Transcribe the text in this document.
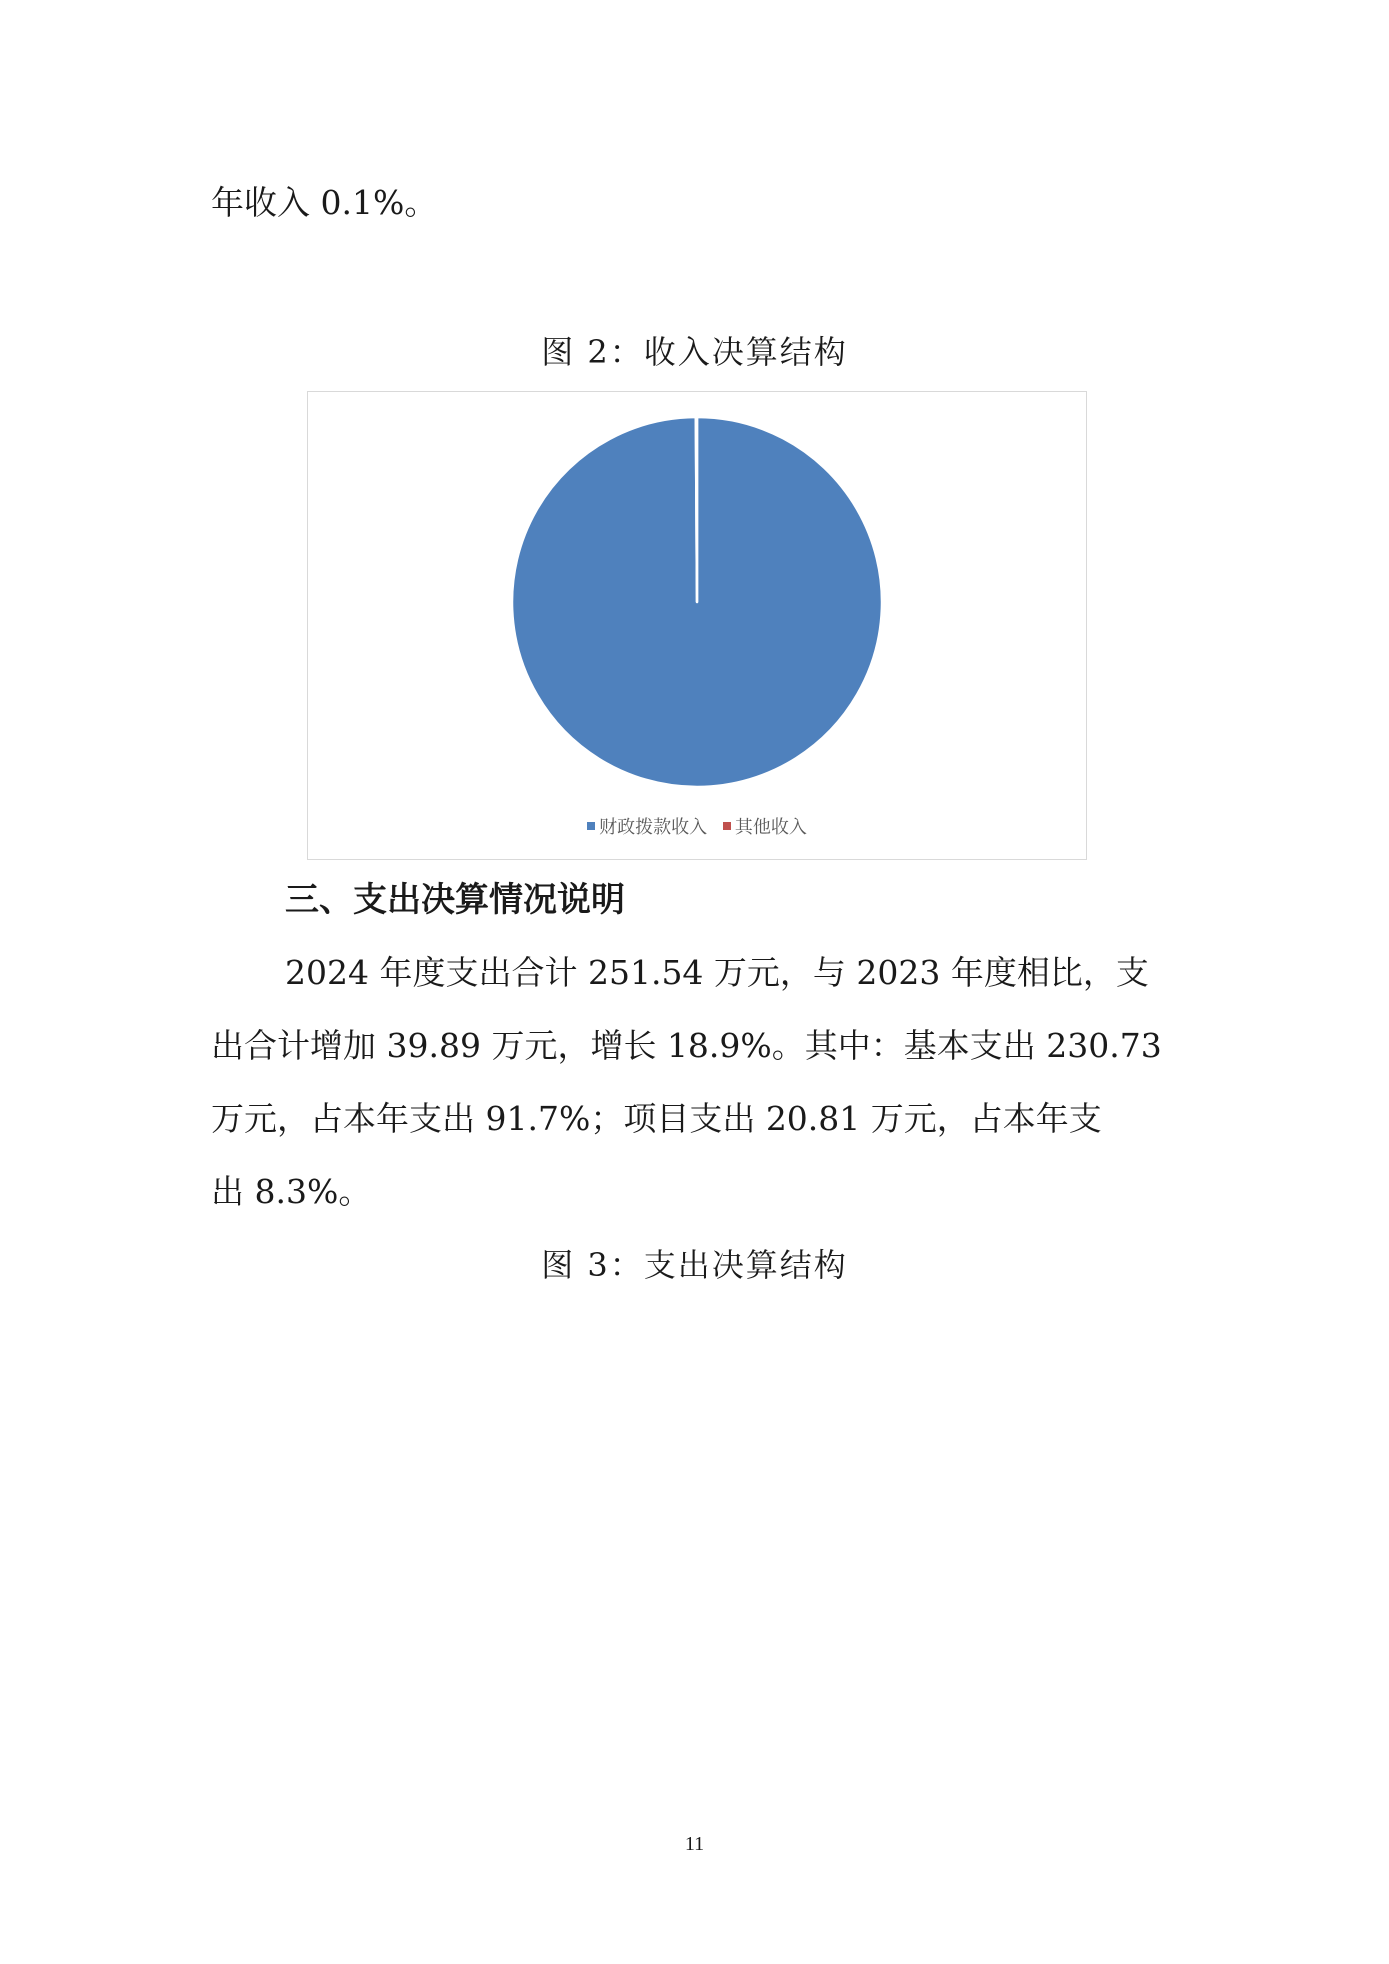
年收入 0.1%。
图 2：收入决算结构
财政拨款收入 其他收入
三、支出决算情况说明
2024 年度支出合计 251.54 万元，与 2023 年度相比，支
出合计增加 39.89 万元，增长 18.9%。其中：基本支出 230.73
万元，占本年支出 91.7%；项目支出 20.81 万元，占本年支
出 8.3%。
图 3：支出决算结构
11
